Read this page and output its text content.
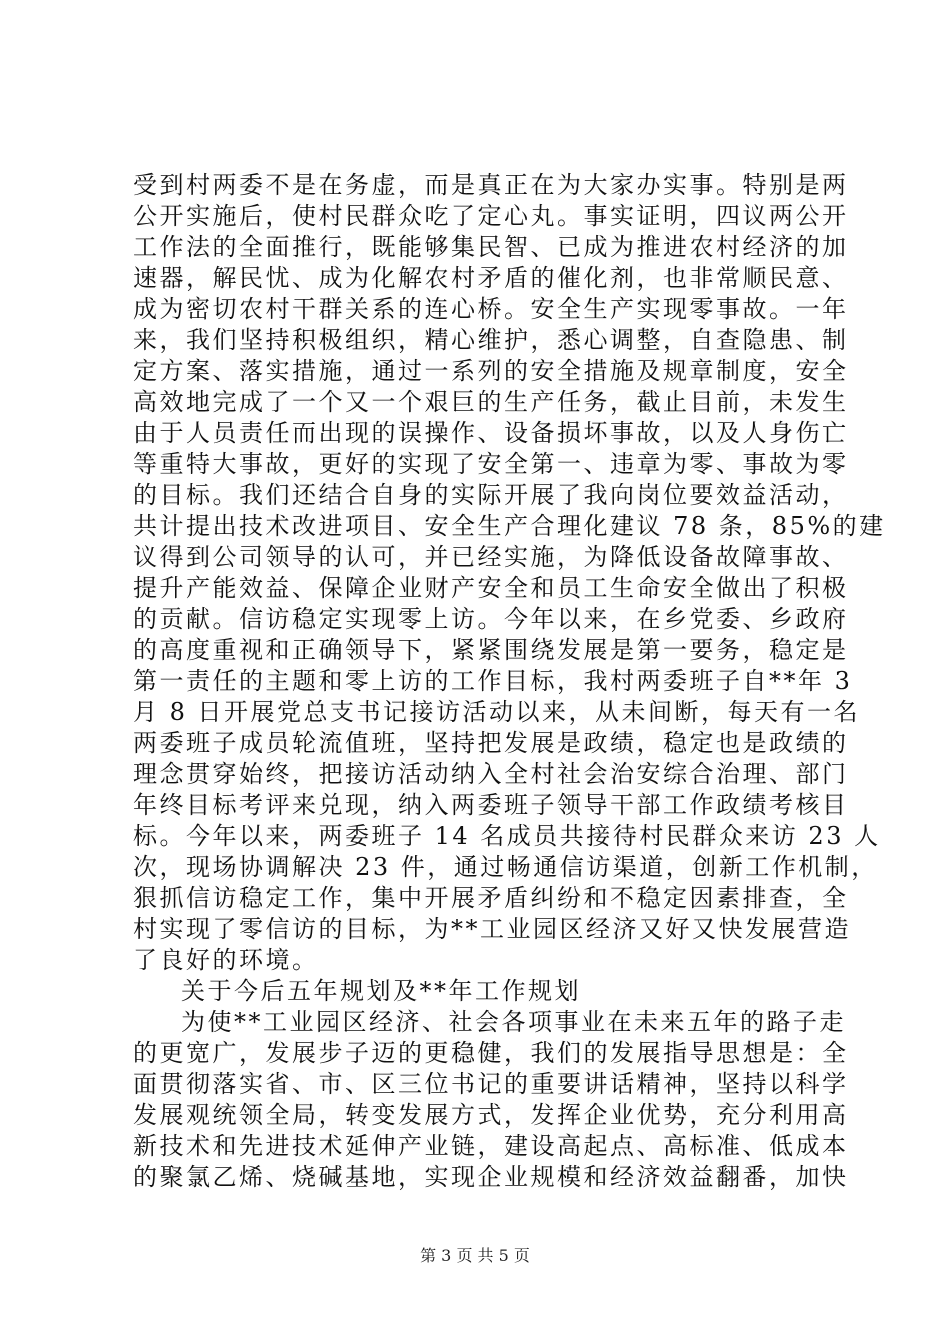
受到村两委不是在务虚，而是真正在为大家办实事。特别是两
公开实施后，使村民群众吃了定心丸。事实证明，四议两公开
工作法的全面推行，既能够集民智、已成为推进农村经济的加
速器，解民忧、成为化解农村矛盾的催化剂，也非常顺民意、
成为密切农村干群关系的连心桥。安全生产实现零事故。一年
来，我们坚持积极组织，精心维护，悉心调整，自查隐患、制
定方案、落实措施，通过一系列的安全措施及规章制度，安全
高效地完成了一个又一个艰巨的生产任务，截止目前，未发生
由于人员责任而出现的误操作、设备损坏事故，以及人身伤亡
等重特大事故，更好的实现了安全第一、违章为零、事故为零
的目标。我们还结合自身的实际开展了我向岗位要效益活动，
共计提出技术改进项目、安全生产合理化建议 78 条，85%的建
议得到公司领导的认可，并已经实施，为降低设备故障事故、
提升产能效益、保障企业财产安全和员工生命安全做出了积极
的贡献。信访稳定实现零上访。今年以来，在乡党委、乡政府
的高度重视和正确领导下，紧紧围绕发展是第一要务，稳定是
第一责任的主题和零上访的工作目标，我村两委班子自**年 3
月 8 日开展党总支书记接访活动以来，从未间断，每天有一名
两委班子成员轮流值班，坚持把发展是政绩，稳定也是政绩的
理念贯穿始终，把接访活动纳入全村社会治安综合治理、部门
年终目标考评来兑现，纳入两委班子领导干部工作政绩考核目
标。今年以来，两委班子 14 名成员共接待村民群众来访 23 人
次，现场协调解决 23 件，通过畅通信访渠道，创新工作机制，
狠抓信访稳定工作，集中开展矛盾纠纷和不稳定因素排查，全
村实现了零信访的目标，为**工业园区经济又好又快发展营造
了良好的环境。
关于今后五年规划及**年工作规划
为使**工业园区经济、社会各项事业在未来五年的路子走
的更宽广，发展步子迈的更稳健，我们的发展指导思想是：全
面贯彻落实省、市、区三位书记的重要讲话精神，坚持以科学
发展观统领全局，转变发展方式，发挥企业优势，充分利用高
新技术和先进技术延伸产业链，建设高起点、高标准、低成本
的聚氯乙烯、烧碱基地，实现企业规模和经济效益翻番，加快
第 3 页 共 5 页
